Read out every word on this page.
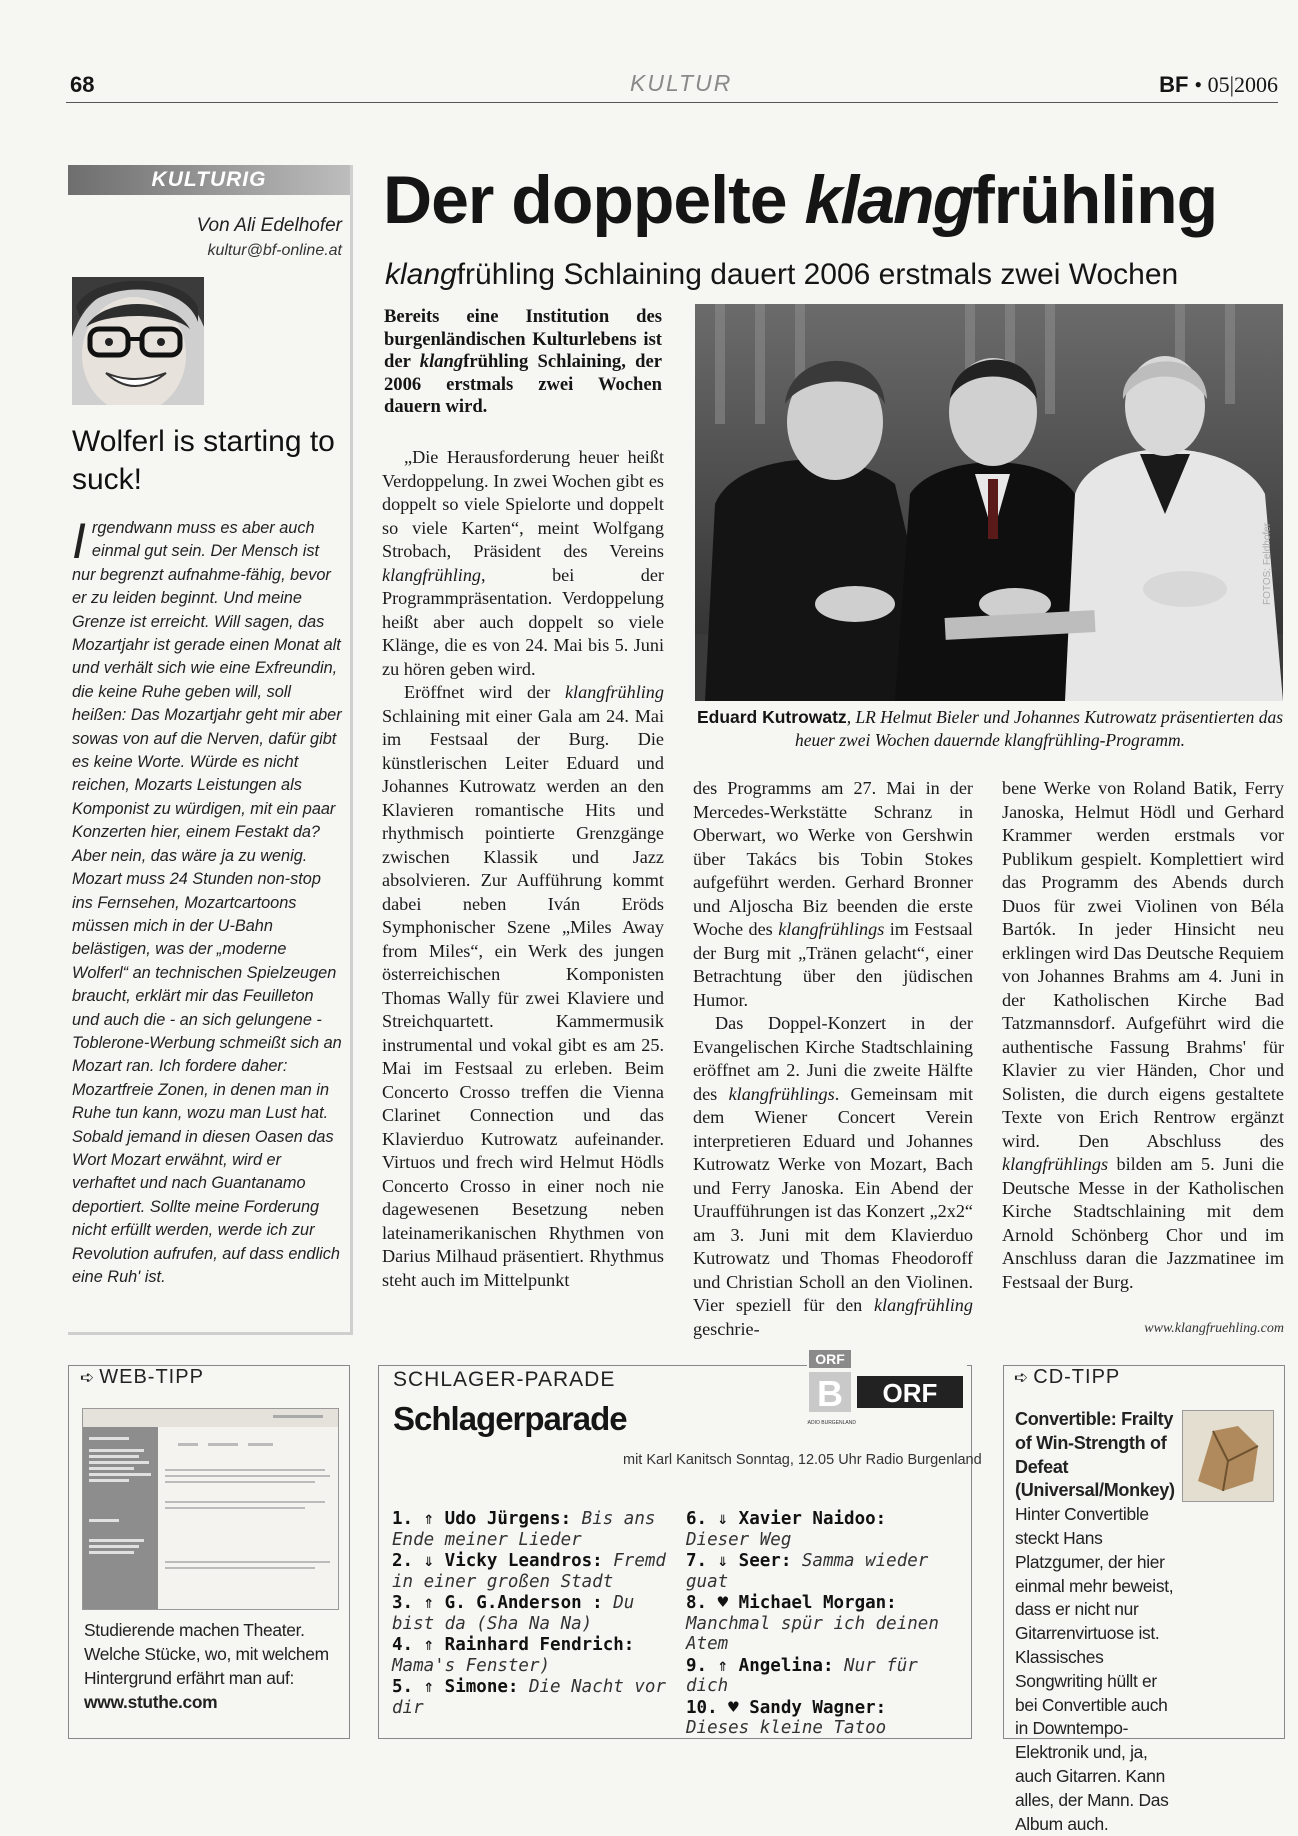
68	KULTUR	BF • 05|2006
KULTURIG
Von Ali Edelhofer
kultur@bf-online.at
Wolferl is starting to suck!
Irgendwann muss es aber auch einmal gut sein. Der Mensch ist nur begrenzt aufnahme-fähig, bevor er zu leiden beginnt. Und meine Grenze ist erreicht. Will sagen, das Mozartjahr ist gerade einen Monat alt und verhält sich wie eine Exfreundin, die keine Ruhe geben will, soll heißen: Das Mozartjahr geht mir aber sowas von auf die Nerven, dafür gibt es keine Worte. Würde es nicht reichen, Mozarts Leistungen als Komponist zu würdigen, mit ein paar Konzerten hier, einem Festakt da? Aber nein, das wäre ja zu wenig. Mozart muss 24 Stunden non-stop ins Fernsehen, Mozartcartoons müssen mich in der U-Bahn belästigen, was der „moderne Wolferl“ an technischen Spielzeugen braucht, erklärt mir das Feuilleton und auch die - an sich gelungene - Toblerone-Werbung schmeißt sich an Mozart ran. Ich fordere daher: Mozartfreie Zonen, in denen man in Ruhe tun kann, wozu man Lust hat. Sobald jemand in diesen Oasen das Wort Mozart erwähnt, wird er verhaftet und nach Guantanamo deportiert. Sollte meine Forderung nicht erfüllt werden, werde ich zur Revolution aufrufen, auf dass endlich eine Ruh' ist.
Der doppelte klangfrühling
klangfrühling Schlaining dauert 2006 erstmals zwei Wochen
Bereits eine Institution des burgenländischen Kulturlebens ist der klangfrühling Schlaining, der 2006 erstmals zwei Wochen dauern wird.

„Die Herausforderung heuer heißt Verdoppelung. In zwei Wochen gibt es doppelt so viele Spielorte und doppelt so viele Karten“, meint Wolfgang Strobach, Präsident des Vereins klangfrühling, bei der Programmpräsentation. Verdoppelung heißt aber auch doppelt so viele Klänge, die es von 24. Mai bis 5. Juni zu hören geben wird.

Eröffnet wird der klangfrühling Schlaining mit einer Gala am 24. Mai im Festsaal der Burg. Die künstlerischen Leiter Eduard und Johannes Kutrowatz werden an den Klavieren romantische Hits und rhythmisch pointierte Grenzgänge zwischen Klassik und Jazz absolvieren. Zur Aufführung kommt dabei neben Iván Eröds Symphonischer Szene „Miles Away from Miles“, ein Werk des jungen österreichischen Komponisten Thomas Wally für zwei Klaviere und Streichquartett. Kammermusik instrumental und vokal gibt es am 25. Mai im Festsaal zu erleben. Beim Concerto Crosso treffen die Vienna Clarinet Connection und das Klavierduo Kutrowatz aufeinander. Virtuos und frech wird Helmut Hödls Concerto Crosso in einer noch nie dagewesenen Besetzung neben lateinamerikanischen Rhythmen von Darius Milhaud präsentiert. Rhythmus steht auch im Mittelpunkt

FOTOS: Feldhofer
Eduard Kutrowatz, LR Helmut Bieler und Johannes Kutrowatz präsentierten das heuer zwei Wochen dauernde klangfrühling-Programm.

des Programms am 27. Mai in der Mercedes-Werkstätte Schranz in Oberwart, wo Werke von Gershwin über Takács bis Tobin Stokes aufgeführt werden. Gerhard Bronner und Aljoscha Biz beenden die erste Woche des klangfrühlings im Festsaal der Burg mit „Tränen gelacht“, einer Betrachtung über den jüdischen Humor.

Das Doppel-Konzert in der Evangelischen Kirche Stadtschlaining eröffnet am 2. Juni die zweite Hälfte des klangfrühlings. Gemeinsam mit dem Wiener Concert Verein interpretieren Eduard und Johannes Kutrowatz Werke von Mozart, Bach und Ferry Janoska. Ein Abend der Uraufführungen ist das Konzert „2x2“ am 3. Juni mit dem Klavierduo Kutrowatz und Thomas Fheodoroff und Christian Scholl an den Violinen. Vier speziell für den klangfrühling geschrie-

bene Werke von Roland Batik, Ferry Janoska, Helmut Hödl und Gerhard Krammer werden erstmals vor Publikum gespielt. Komplettiert wird das Programm des Abends durch Duos für zwei Violinen von Béla Bartók. In jeder Hinsicht neu erklingen wird Das Deutsche Requiem von Johannes Brahms am 4. Juni in der Katholischen Kirche Bad Tatzmannsdorf. Aufgeführt wird die authentische Fassung Brahms' für Klavier zu vier Händen, Chor und Solisten, die durch eigens gestaltete Texte von Erich Rentrow ergänzt wird. Den Abschluss des klangfrühlings bilden am 5. Juni die Deutsche Messe in der Katholischen Kirche Stadtschlaining mit dem Arnold Schönberg Chor und im Anschluss daran die Jazzmatinee im Festsaal der Burg.

www.klangfruehling.com
➪ WEB-TIPP
Studierende machen Theater. Welche Stücke, wo, mit welchem Hintergrund erfährt man auf:
www.stuthe.com
ORF
B ORF
RADIO BURGENLAND
SCHLAGER-PARADE
Schlagerparade
mit Karl Kanitsch Sonntag, 12.05 Uhr Radio Burgenland
1. ⇑ Udo Jürgens: Bis ans Ende meiner Lieder
2. ⇓ Vicky Leandros: Fremd in einer großen Stadt
3. ⇑ G. G.Anderson : Du bist da (Sha Na Na)
4. ⇑ Rainhard Fendrich: Mama's Fenster)
5. ⇑ Simone: Die Nacht vor dir
6. ⇓ Xavier Naidoo: Dieser Weg
7. ⇓ Seer: Samma wieder guat
8. ♥ Michael Morgan: Manchmal spür ich deinen Atem
9. ⇑ Angelina: Nur für dich
10. ♥ Sandy Wagner: Dieses kleine Tatoo
➪ CD-TIPP
Convertible: Frailty of Win-Strength of Defeat (Universal/Monkey) Hinter Convertible steckt Hans Platzgumer, der hier einmal mehr beweist, dass er nicht nur Gitarrenvirtuose ist. Klassisches Songwriting hüllt er bei Convertible auch in Downtempo-Elektronik und, ja, auch Gitarren. Kann alles, der Mann. Das Album auch.
